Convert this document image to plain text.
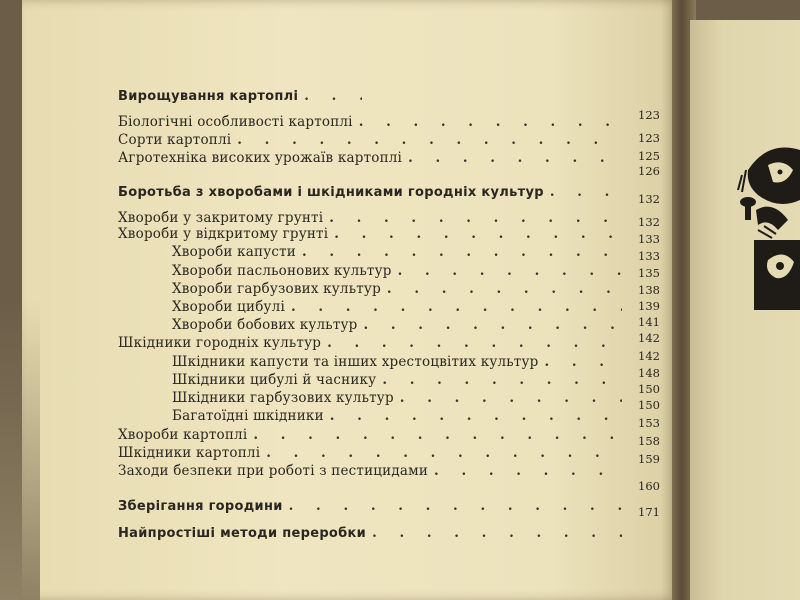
Вирощування картоплі
. . .
Біологічні особливості картоплі
. . .
Сорти картоплі
. . .
Агротехніка високих урожаїв картоплі
. . .
Боротьба з хворобами і шкідниками городніх культур
. . .
Хвороби у закритому грунті
. . .
Хвороби у відкритому грунті
. . .
Хвороби капусти
. . .
Хвороби пасльонових культур
. . .
Хвороби гарбузових культур
. . .
Хвороби цибулі
. . .
Хвороби бобових культур
. . .
Шкідники городніх культур
. . .
Шкідники капусти та інших хрестоцвітих культур
. . .
Шкідники цибулі й часнику
. . .
Шкідники гарбузових культур
. . .
Багатоїдні шкідники
. . .
Хвороби картоплі
. . .
Шкідники картоплі
. . .
Заходи безпеки при роботі з пестицидами
. . .
Зберігання городини
. . .
Найпростіші методи переробки
. . .
123
123
125
126
132
132
133
133
135
138
139
141
142
142
148
150
150
153
158
159
160
171
